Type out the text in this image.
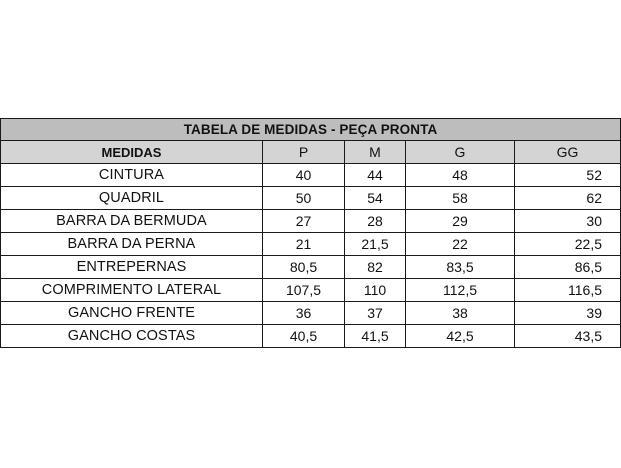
TABELA DE MEDIDAS - PEÇA PRONTA				
MEDIDAS	P	M	G	GG
CINTURA	40	44	48	52
QUADRIL	50	54	58	62
BARRA DA BERMUDA	27	28	29	30
BARRA DA PERNA	21	21,5	22	22,5
ENTREPERNAS	80,5	82	83,5	86,5
COMPRIMENTO LATERAL	107,5	110	112,5	116,5
GANCHO FRENTE	36	37	38	39
GANCHO COSTAS	40,5	41,5	42,5	43,5
